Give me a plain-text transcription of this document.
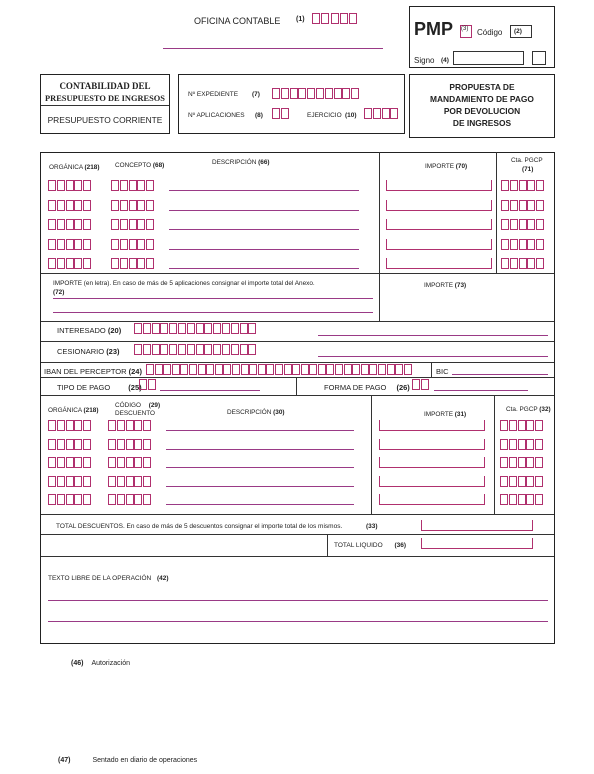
OFICINA CONTABLE (1)	PMP (3) Código (2)
Signo (4)
CONTABILIDAD DEL
PRESUPUESTO DE INGRESOS
PRESUPUESTO CORRIENTE
Nº EXPEDIENTE (7)
Nº APLICACIONES (8)	EJERCICIO (10)
PROPUESTA DE
MANDAMIENTO DE PAGO
POR DEVOLUCION
DE INGRESOS
ORGÁNICA (218) CONCEPTO (68)	DESCRIPCIÓN (66)
IMPORTE (70)
Cta. PGCP
(71)
IMPORTE (en letra). En caso de más de 5 aplicaciones consignar el importe total del Anexo.
(72)
IMPORTE (73)
INTERESADO (20)
CESIONARIO (23)
IBAN DEL PERCEPTOR (24)	BIC
TIPO DE PAGO (25)	FORMA DE PAGO (26)
ORGÁNICA (218)
CÓDIGO (29)
DESCUENTO	DESCRIPCIÓN (30)	IMPORTE (31)
Cta. PGCP (32)
TOTAL DESCUENTOS. En caso de más de 5 descuentos consignar el importe total de los mismos.	(33)
TOTAL LIQUIDO (36)
TEXTO LIBRE DE LA OPERACIÓN (42)
(46) Autorización
(47)	Sentado en diario de operaciones
